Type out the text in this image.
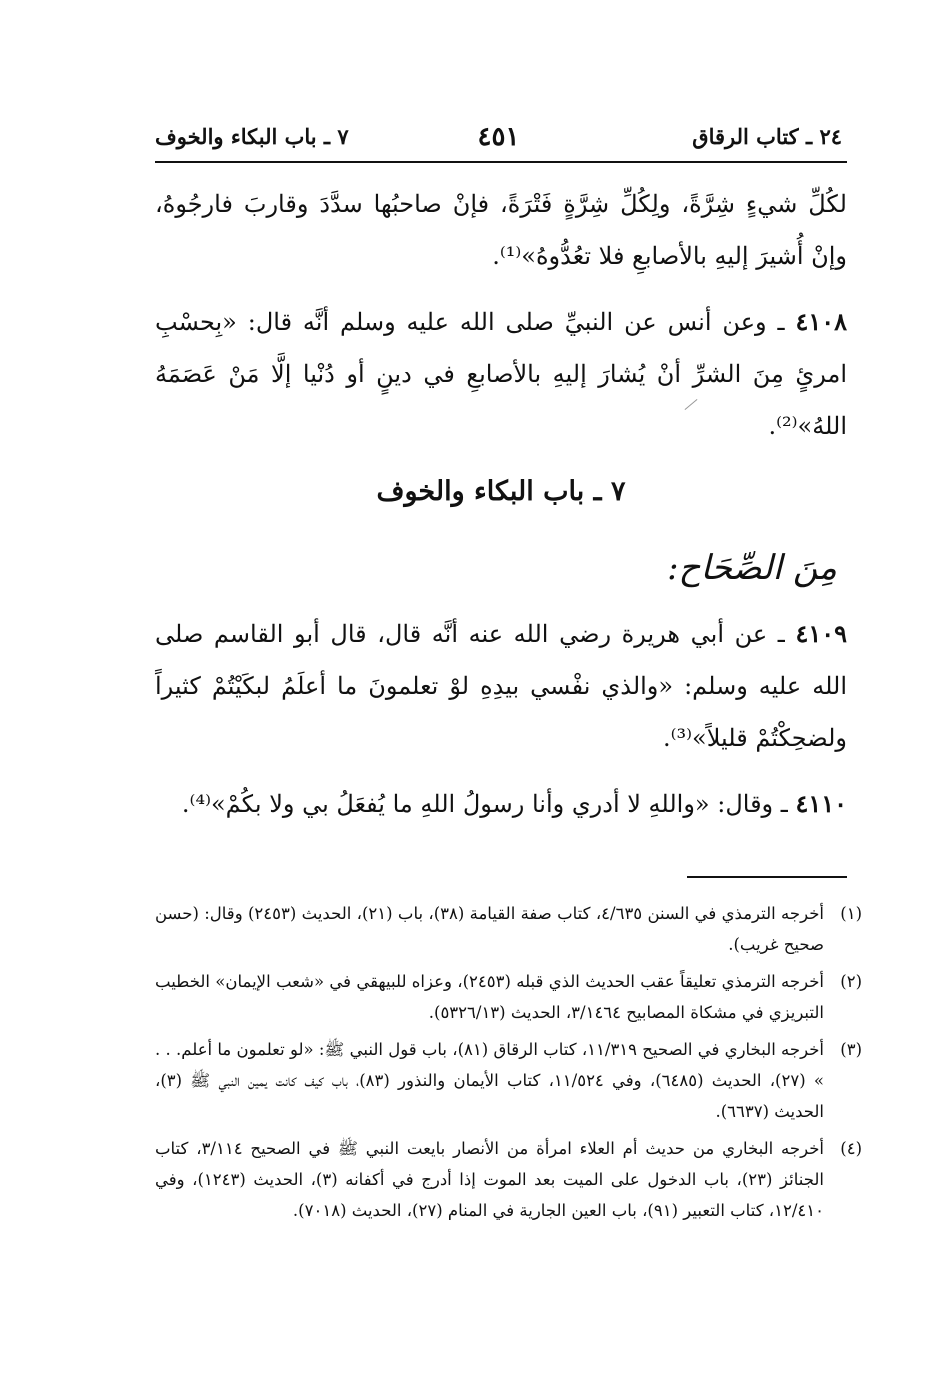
٢٤ ـ كتاب الرقاق
٤٥١
٧ ـ باب البكاء والخوف

لكُلِّ شيءٍ شِرَّةً، ولِكُلِّ شِرَّةٍ فَتْرَةً، فإنْ صاحبُها سدَّدَ وقاربَ فارجُوهُ، وإنْ أُشيرَ إليهِ بالأصابعِ فلا تعُدُّوهُ»⁽¹⁾.

٤١٠٨ ـ وعن أنس عن النبيِّ صلى الله عليه وسلم أنَّه قال: «بِحسْبِ امرئٍ مِنَ الشرِّ أنْ يُشارَ إليهِ بالأصابعِ في دينٍ أو دُنْيا إلَّا مَنْ عَصَمَهُ اللهُ»⁽²⁾.

٧ ـ باب البكاء والخوف
مِنَ الصِّحَاح:

٤١٠٩ ـ عن أبي هريرة رضي الله عنه أنَّه قال، قال أبو القاسم صلى الله عليه وسلم: «والذي نفْسي بيدِهِ لوْ تعلمونَ ما أعلَمُ لبكَيْتُمْ كثيراً ولضحِكْتُمْ قليلاً»⁽³⁾.

٤١١٠ ـ وقال: «واللهِ لا أدري وأنا رسولُ اللهِ ما يُفعَلُ بي ولا بكُمْ»⁽⁴⁾.

(١)
أخرجه الترمذي في السنن ٤/٦٣٥، كتاب صفة القيامة (٣٨)، باب (٢١)، الحديث (٢٤٥٣) وقال: (حسن صحيح غريب).
(٢)
أخرجه الترمذي تعليقاً عقب الحديث الذي قبله (٢٤٥٣)، وعزاه للبيهقي في «شعب الإيمان» الخطيب التبريزي في مشكاة المصابيح ٣/١٤٦٤، الحديث (٥٣٢٦/١٣).
(٣)
أخرجه البخاري في الصحيح ١١/٣١٩، كتاب الرقاق (٨١)، باب قول النبي ﷺ: «لو تعلمون ما أعلم. . . » (٢٧)، الحديث (٦٤٨٥)، وفي ١١/٥٢٤، كتاب الأيمان والنذور (٨٣)، باب كيف كانت يمين النبي ﷺ (٣)، الحديث (٦٦٣٧).
(٤)
أخرجه البخاري من حديث أم العلاء امرأة من الأنصار بايعت النبي ﷺ في الصحيح ٣/١١٤، كتاب الجنائز (٢٣)، باب الدخول على الميت بعد الموت إذا أدرج في أكفانه (٣)، الحديث (١٢٤٣)، وفي ١٢/٤١٠، كتاب التعبير (٩١)، باب العين الجارية في المنام (٢٧)، الحديث (٧٠١٨).
